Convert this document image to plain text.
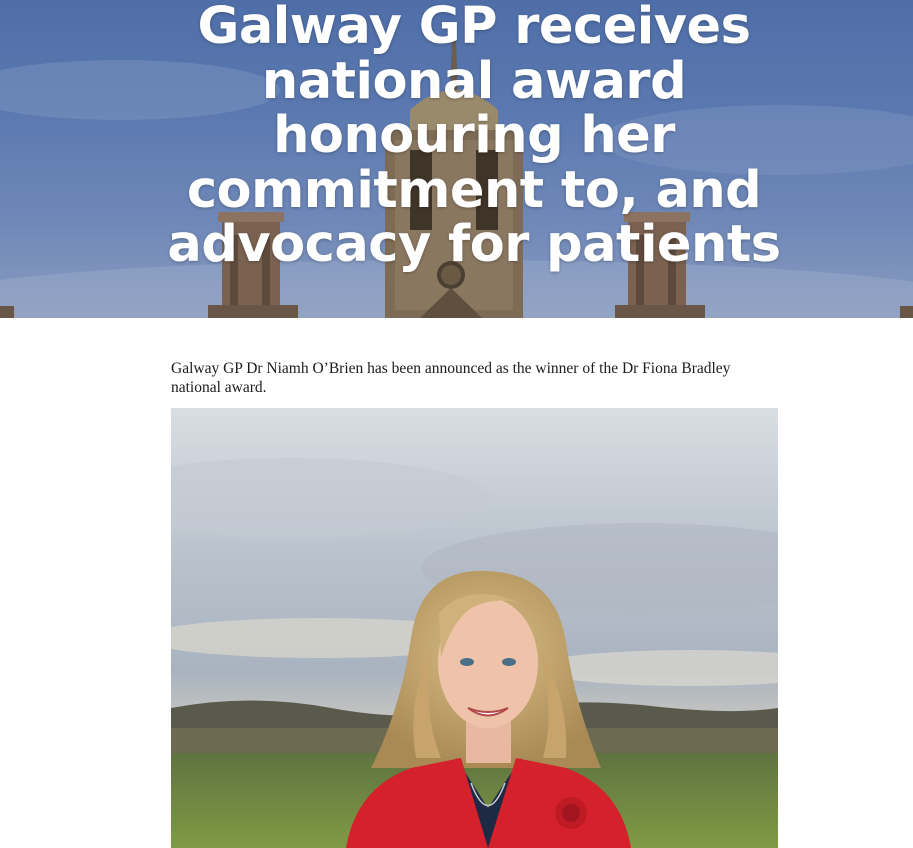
Galway GP receives national award honouring her commitment to, and advocacy for patients

Galway GP Dr Niamh O’Brien has been announced as the winner of the Dr Fiona Bradley national award.
